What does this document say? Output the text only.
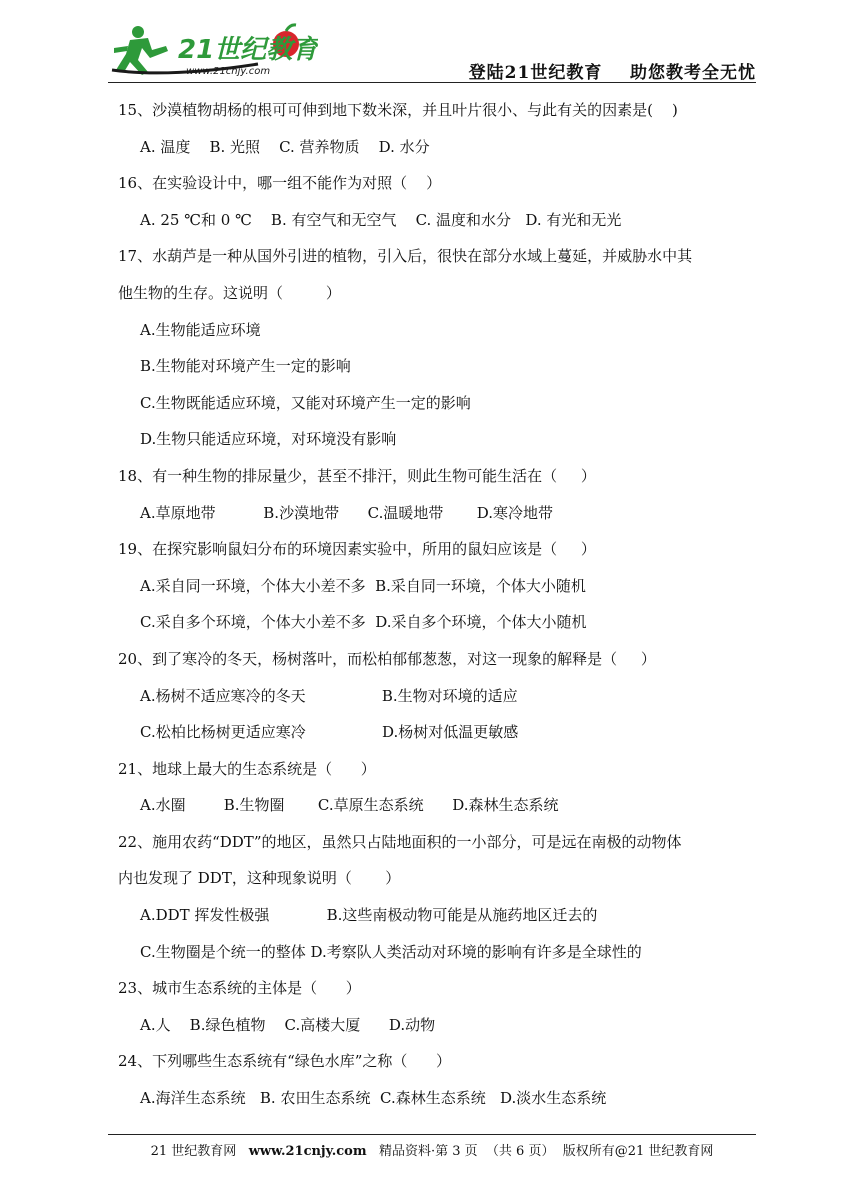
21世纪教育
www.21cnjy.com	登陆21世纪教育    助您教考全无忧
15、沙漠植物胡杨的根可可伸到地下数米深，并且叶片很小、与此有关的因素是(    )
A. 温度    B. 光照    C. 营养物质    D. 水分
16、在实验设计中，哪一组不能作为对照（    ）
A. 25 ℃和 0 ℃    B. 有空气和无空气    C. 温度和水分   D. 有光和无光
17、水葫芦是一种从国外引进的植物，引入后，很快在部分水域上蔓延，并威胁水中其
他生物的生存。这说明（         ）
A.生物能适应环境
B.生物能对环境产生一定的影响
C.生物既能适应环境，又能对环境产生一定的影响
D.生物只能适应环境，对环境没有影响
18、有一种生物的排尿量少，甚至不排汗，则此生物可能生活在（     ）
A.草原地带          B.沙漠地带      C.温暖地带       D.寒冷地带
19、在探究影响鼠妇分布的环境因素实验中，所用的鼠妇应该是（     ）
A.采自同一环境，个体大小差不多  B.采自同一环境，个体大小随机
C.采自多个环境，个体大小差不多  D.采自多个环境，个体大小随机
20、到了寒冷的冬天，杨树落叶，而松柏郁郁葱葱，对这一现象的解释是（     ）
A.杨树不适应寒冷的冬天                B.生物对环境的适应
C.松柏比杨树更适应寒冷                D.杨树对低温更敏感
21、地球上最大的生态系统是（      ）
A.水圈        B.生物圈       C.草原生态系统      D.森林生态系统
22、施用农药“DDT”的地区，虽然只占陆地面积的一小部分，可是远在南极的动物体
内也发现了 DDT，这种现象说明（       ）
A.DDT 挥发性极强            B.这些南极动物可能是从施药地区迁去的
C.生物圈是个统一的整体 D.考察队人类活动对环境的影响有许多是全球性的
23、城市生态系统的主体是（      ）
A.人    B.绿色植物    C.高楼大厦      D.动物
24、下列哪些生态系统有“绿色水库”之称（      ）
A.海洋生态系统   B. 农田生态系统  C.森林生态系统   D.淡水生态系统
21 世纪教育网   www.21cnjy.com   精品资料·第 3 页  （共 6 页）  版权所有@21 世纪教育网
